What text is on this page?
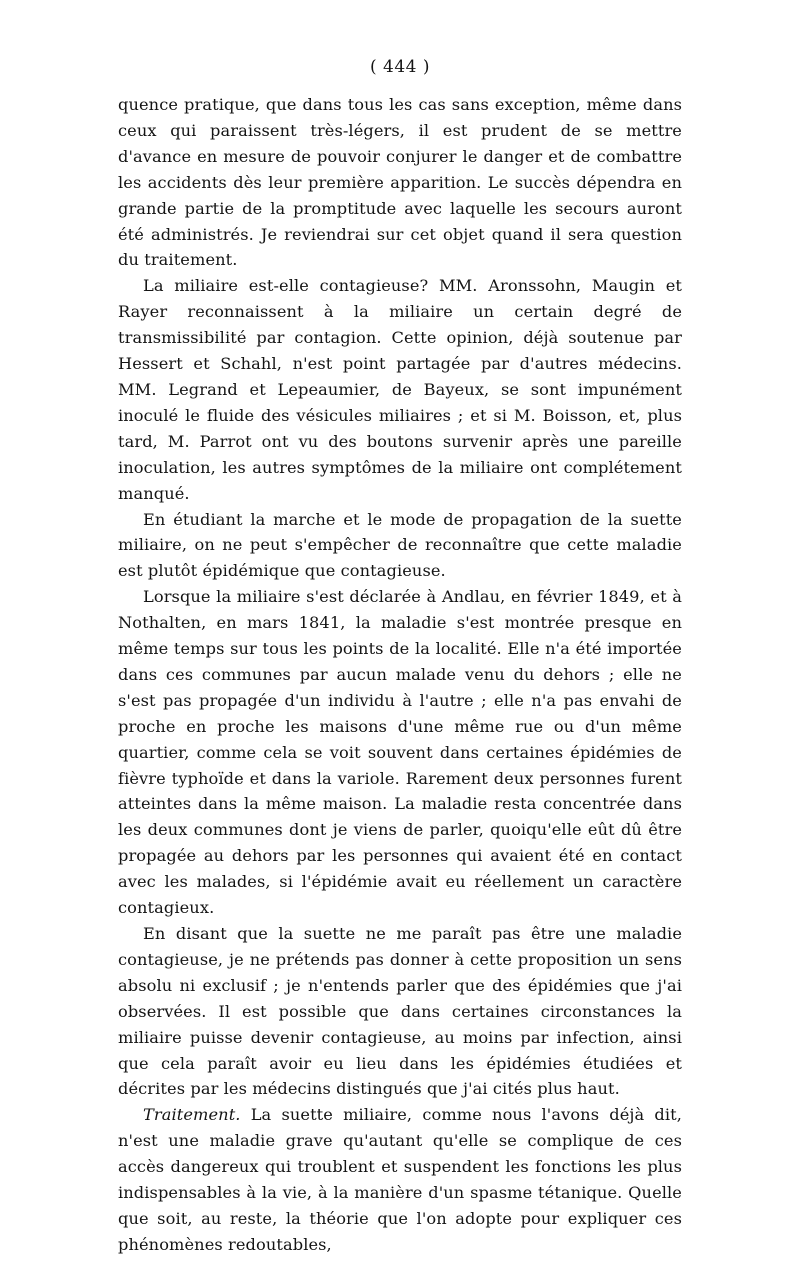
( 444 )

quence pratique, que dans tous les cas sans exception, même dans ceux qui paraissent très-légers, il est prudent de se mettre d'avance en mesure de pouvoir conjurer le danger et de combattre les accidents dès leur première apparition. Le succès dépendra en grande partie de la promptitude avec laquelle les secours auront été administrés. Je reviendrai sur cet objet quand il sera question du traitement.

La miliaire est-elle contagieuse? MM. Aronssohn, Maugin et Rayer reconnaissent à la miliaire un certain degré de transmissibilité par contagion. Cette opinion, déjà soutenue par Hessert et Schahl, n'est point partagée par d'autres médecins. MM. Legrand et Lepeaumier, de Bayeux, se sont impunément inoculé le fluide des vésicules miliaires ; et si M. Boisson, et, plus tard, M. Parrot ont vu des boutons survenir après une pareille inoculation, les autres symptômes de la miliaire ont complétement manqué.

En étudiant la marche et le mode de propagation de la suette miliaire, on ne peut s'empêcher de reconnaître que cette maladie est plutôt épidémique que contagieuse.

Lorsque la miliaire s'est déclarée à Andlau, en février 1849, et à Nothalten, en mars 1841, la maladie s'est montrée presque en même temps sur tous les points de la localité. Elle n'a été importée dans ces communes par aucun malade venu du dehors ; elle ne s'est pas propagée d'un individu à l'autre ; elle n'a pas envahi de proche en proche les maisons d'une même rue ou d'un même quartier, comme cela se voit souvent dans certaines épidémies de fièvre typhoïde et dans la variole. Rarement deux personnes furent atteintes dans la même maison. La maladie resta concentrée dans les deux communes dont je viens de parler, quoiqu'elle eût dû être propagée au dehors par les personnes qui avaient été en contact avec les malades, si l'épidémie avait eu réellement un caractère contagieux.

En disant que la suette ne me paraît pas être une maladie contagieuse, je ne prétends pas donner à cette proposition un sens absolu ni exclusif ; je n'entends parler que des épidémies que j'ai observées. Il est possible que dans certaines circonstances la miliaire puisse devenir contagieuse, au moins par infection, ainsi que cela paraît avoir eu lieu dans les épidémies étudiées et décrites par les médecins distingués que j'ai cités plus haut.

Traitement. La suette miliaire, comme nous l'avons déjà dit, n'est une maladie grave qu'autant qu'elle se complique de ces accès dangereux qui troublent et suspendent les fonctions les plus indispensables à la vie, à la manière d'un spasme tétanique. Quelle que soit, au reste, la théorie que l'on adopte pour expliquer ces phénomènes redoutables,
